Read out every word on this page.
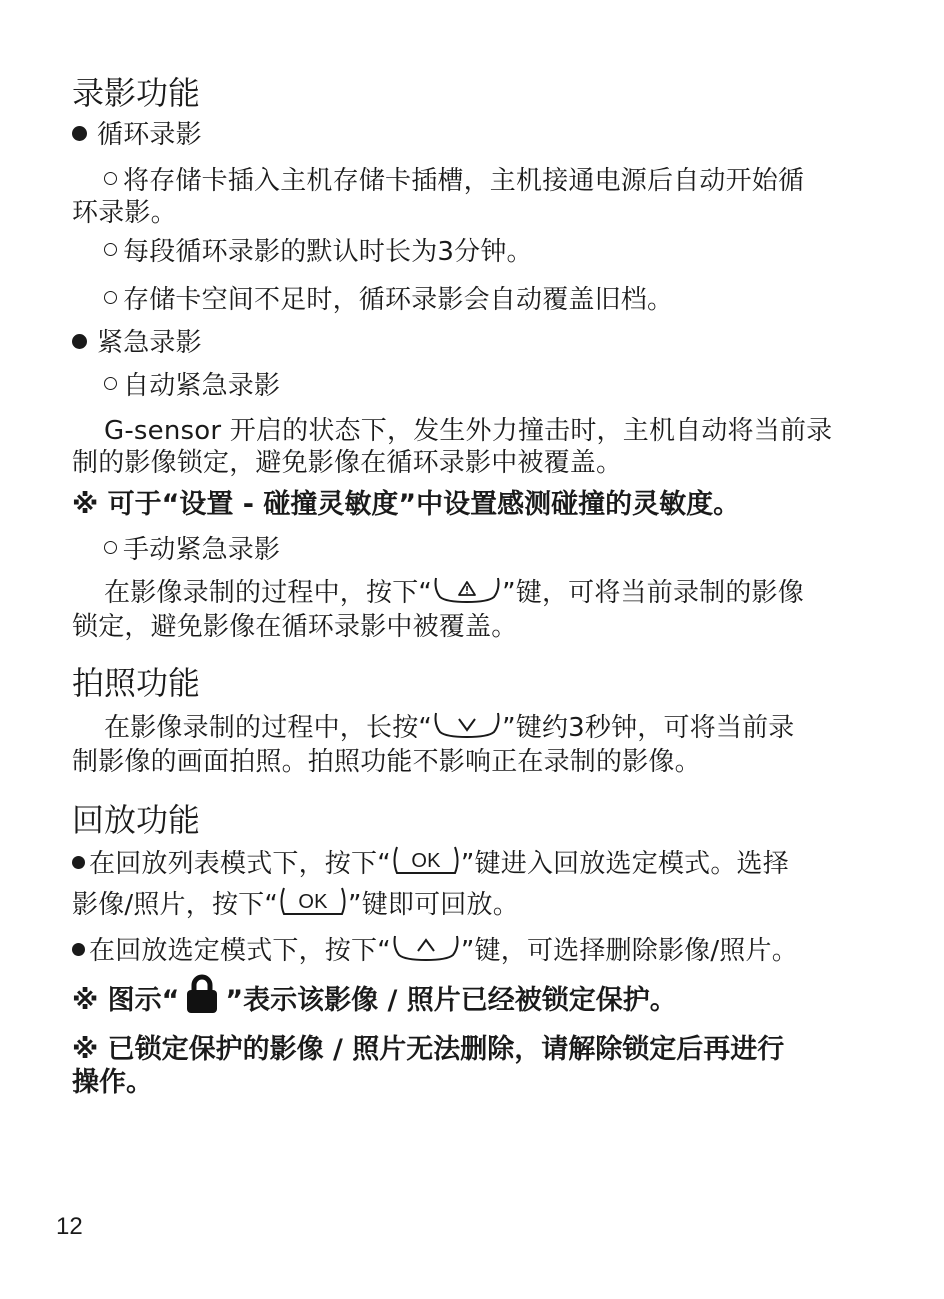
录影功能
循环录影
将存储卡插入主机存储卡插槽，主机接通电源后自动开始循
环录影。
每段循环录影的默认时长为3分钟。
存储卡空间不足时，循环录影会自动覆盖旧档。
紧急录影
自动紧急录影
G-sensor 开启的状态下，发生外力撞击时，主机自动将当前录
制的影像锁定，避免影像在循环录影中被覆盖。
※ 可于“设置 - 碰撞灵敏度”中设置感测碰撞的灵敏度。
手动紧急录影
在影像录制的过程中，按下“	”键，可将当前录制的影像
锁定，避免影像在循环录影中被覆盖。
拍照功能
在影像录制的过程中，长按“	”键约3秒钟，可将当前录
制影像的画面拍照。拍照功能不影响正在录制的影像。
回放功能
在回放列表模式下，按下“ OK ”键进入回放选定模式。选择
影像/照片，按下“ OK ”键即可回放。
在回放选定模式下，按下“	”键，可选择删除影像/照片。
※ 图示“ ”表示该影像 / 照片已经被锁定保护。
※ 已锁定保护的影像 / 照片无法删除，请解除锁定后再进行
操作。
12
